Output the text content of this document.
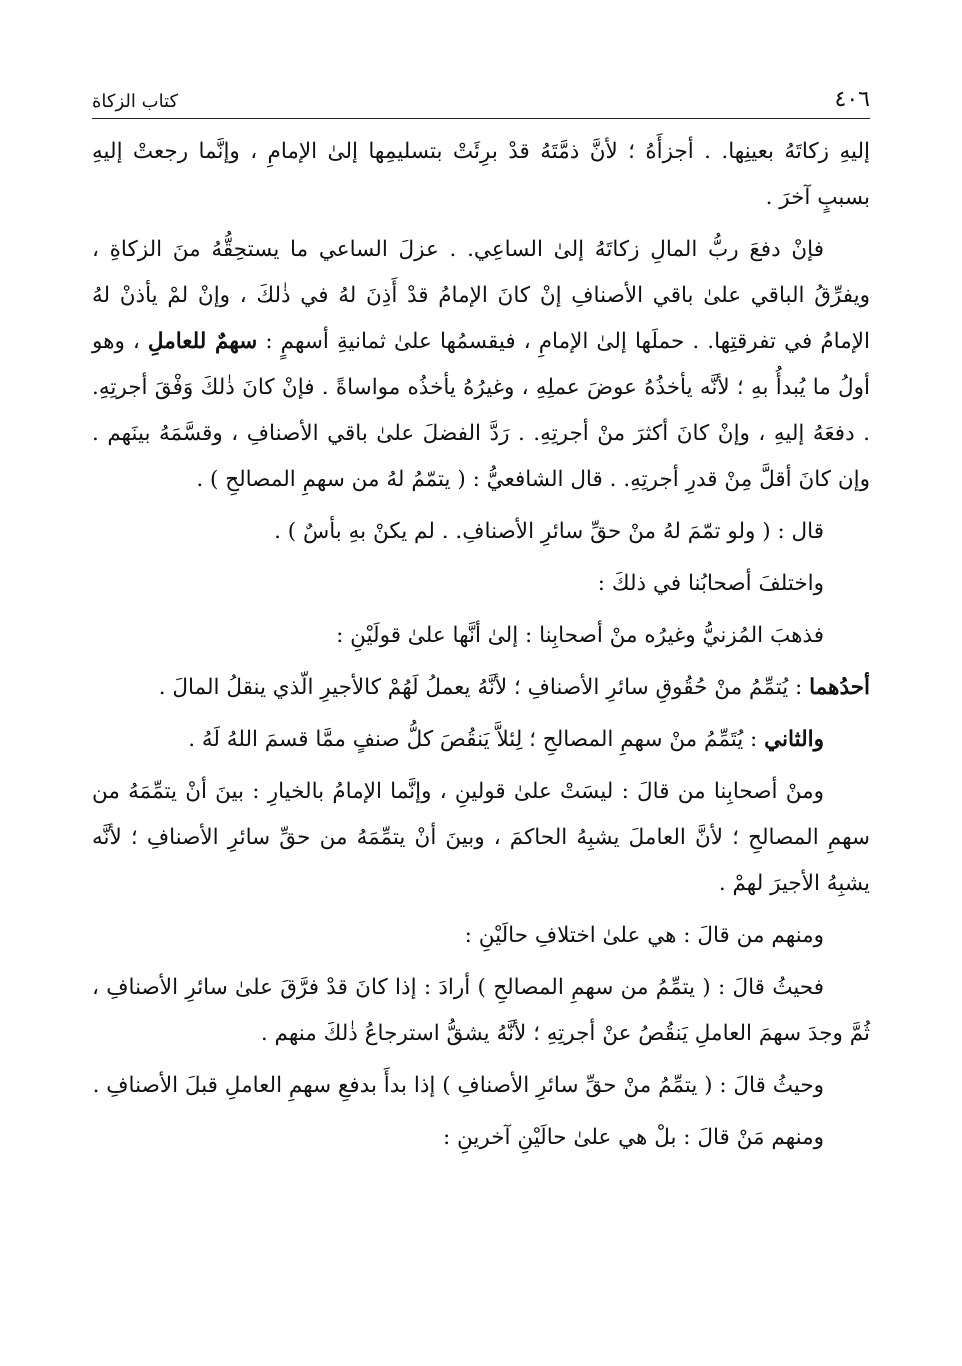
٤٠٦
كتاب الزكاة

إليهِ زكاتَهُ بعينِها. . أجزأَهُ ؛ لأنَّ ذمَّتَهُ قدْ برِئَتْ بتسليمِها إلىٰ الإمامِ ، وإنَّما رجعتْ إليهِ بسببٍ آخرَ .

فإنْ دفعَ ربُّ المالِ زكاتَهُ إلىٰ الساعِي. . عزلَ الساعي ما يستحِقُّهُ منَ الزكاةِ ، ويفرِّقُ الباقي علىٰ باقي الأصنافِ إنْ كانَ الإمامُ قدْ أَذِنَ لهُ في ذٰلكَ ، وإنْ لمْ يأذنْ لهُ الإمامُ في تفرقتِها. . حملَها إلىٰ الإمامِ ، فيقسمُها علىٰ ثمانيةِ أسهمٍ : سهمٌ للعاملِ ، وهو أولُ ما يُبدأُ بهِ ؛ لأنَّه يأخذُهُ عوضَ عملِهِ ، وغيرُهُ يأخذُه مواساةً . فإنْ كانَ ذٰلكَ وَفْقَ أجرتِهِ. . دفعَهُ إليهِ ، وإنْ كانَ أكثرَ منْ أجرتِهِ. . رَدَّ الفضلَ علىٰ باقي الأصنافِ ، وقسَّمَهُ بينَهم . وإن كانَ أقلَّ مِنْ قدرِ أجرتِهِ. . قال الشافعيُّ : ( يتمّمُ لهُ من سهمِ المصالحِ ) .

قال : ( ولو تمّمَ لهُ منْ حقِّ سائرِ الأصنافِ. . لم يكنْ بهِ بأسٌ ) .

واختلفَ أصحابُنا في ذلكَ :

فذهبَ المُزنيُّ وغيرُه منْ أصحابِنا : إلىٰ أنَّها علىٰ قولَيْنِ :

أحدُهما : يُتمِّمُ منْ حُقُوقِ سائرِ الأصنافِ ؛ لأنَّهُ يعملُ لَهُمْ كالأجيرِ الّذي ينقلُ المالَ .

والثاني : يُتَمِّمُ منْ سهمِ المصالحِ ؛ لِئلاَّ يَنقُصَ كلُّ صنفٍ ممَّا قسمَ اللهُ لَهُ .

ومنْ أصحابِنا من قالَ : ليسَتْ علىٰ قولينِ ، وإنَّما الإمامُ بالخيارِ : بينَ أنْ يتمِّمَهُ من سهمِ المصالحِ ؛ لأنَّ العاملَ يشبِهُ الحاكمَ ، وبينَ أنْ يتمِّمَهُ من حقِّ سائرِ الأصنافِ ؛ لأنَّه يشبِهُ الأجيرَ لهمْ .

ومنهم من قالَ : هي علىٰ اختلافِ حالَيْنِ :

فحيثُ قالَ : ( يتمِّمُ من سهمِ المصالحِ ) أرادَ : إذا كانَ قدْ فرَّقَ علىٰ سائرِ الأصنافِ ، ثُمَّ وجدَ سهمَ العاملِ يَنقُصُ عنْ أجرتِهِ ؛ لأنَّهُ يشقُّ استرجاعُ ذٰلكَ منهم .

وحيثُ قالَ : ( يتمِّمُ منْ حقِّ سائرِ الأصنافِ ) إذا بدأَ بدفعِ سهمِ العاملِ قبلَ الأصنافِ .

ومنهم مَنْ قالَ : بلْ هي علىٰ حالَيْنِ آخرينِ :
